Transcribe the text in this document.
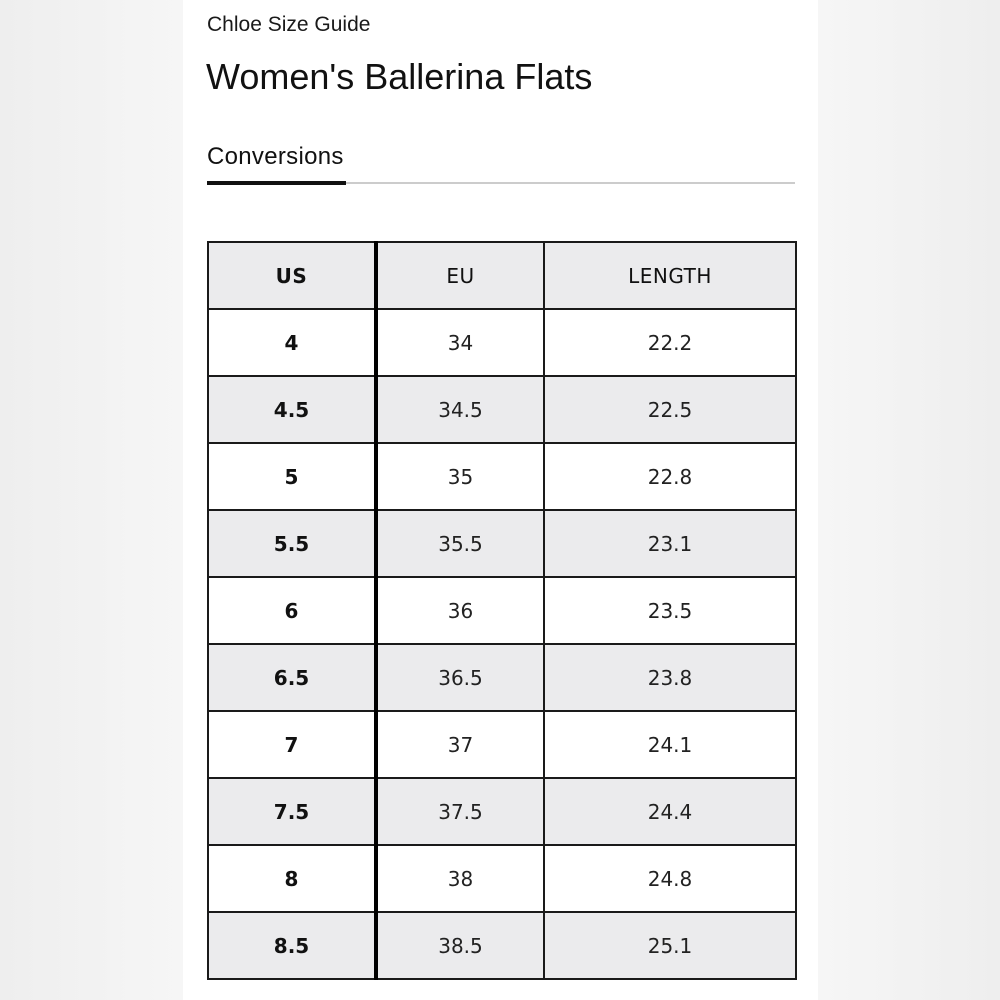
Chloe Size Guide
Women's Ballerina Flats
Conversions
US	EU	LENGTH
4	34	22.2
4.5	34.5	22.5
5	35	22.8
5.5	35.5	23.1
6	36	23.5
6.5	36.5	23.8
7	37	24.1
7.5	37.5	24.4
8	38	24.8
8.5	38.5	25.1
